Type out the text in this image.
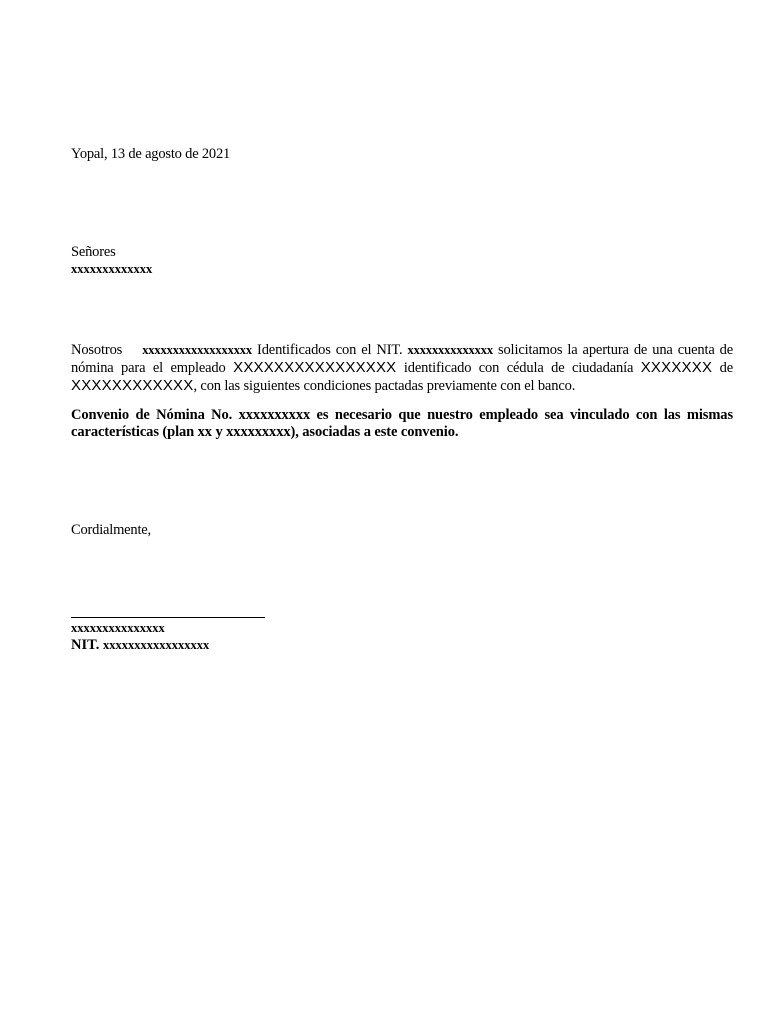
Yopal, 13 de agosto de 2021
Señores
xxxxxxxxxxxxx
Nosotros xxxxxxxxxxxxxxxxxx Identificados con el NIT. xxxxxxxxxxxxxx solicitamos la apertura de una cuenta de nómina para el empleado XXXXXXXXXXXXXXXX identificado con cédula de ciudadanía XXXXXXX de XXXXXXXXXXXX, con las siguientes condiciones pactadas previamente con el banco.
Convenio de Nómina No. xxxxxxxxxx es necesario que nuestro empleado sea vinculado con las mismas características (plan xx y xxxxxxxxx), asociadas a este convenio.
Cordialmente,
xxxxxxxxxxxxxxx
NIT. xxxxxxxxxxxxxxxxx
